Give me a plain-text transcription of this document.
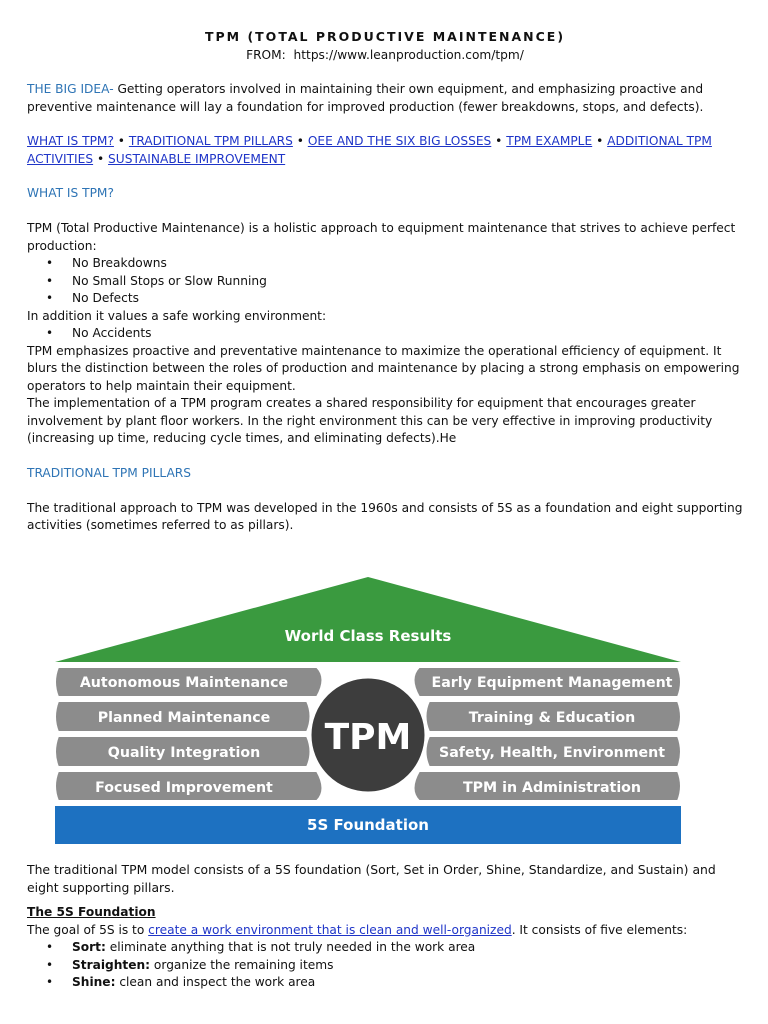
TPM (TOTAL PRODUCTIVE MAINTENANCE)
FROM: https://www.leanproduction.com/tpm/

THE BIG IDEA- Getting operators involved in maintaining their own equipment, and emphasizing proactive and preventive maintenance will lay a foundation for improved production (fewer breakdowns, stops, and defects).

WHAT IS TPM? • TRADITIONAL TPM PILLARS • OEE AND THE SIX BIG LOSSES • TPM EXAMPLE • ADDITIONAL TPM ACTIVITIES • SUSTAINABLE IMPROVEMENT

WHAT IS TPM?

TPM (Total Productive Maintenance) is a holistic approach to equipment maintenance that strives to achieve perfect production:

• No Breakdowns
• No Small Stops or Slow Running
• No Defects

In addition it values a safe working environment:

• No Accidents

TPM emphasizes proactive and preventative maintenance to maximize the operational efficiency of equipment. It blurs the distinction between the roles of production and maintenance by placing a strong emphasis on empowering operators to help maintain their equipment.

The implementation of a TPM program creates a shared responsibility for equipment that encourages greater involvement by plant floor workers. In the right environment this can be very effective in improving productivity (increasing up time, reducing cycle times, and eliminating defects).He

TRADITIONAL TPM PILLARS

The traditional approach to TPM was developed in the 1960s and consists of 5S as a foundation and eight supporting activities (sometimes referred to as pillars).

World Class Results
5S Foundation
Autonomous Maintenance
Planned Maintenance
Quality Integration
Focused Improvement
Early Equipment Management
Training & Education
Safety, Health, Environment
TPM in Administration
TPM

The traditional TPM model consists of a 5S foundation (Sort, Set in Order, Shine, Standardize, and Sustain) and eight supporting pillars.

The 5S Foundation

The goal of 5S is to create a work environment that is clean and well-organized. It consists of five elements:

• Sort: eliminate anything that is not truly needed in the work area
• Straighten: organize the remaining items
• Shine: clean and inspect the work area
